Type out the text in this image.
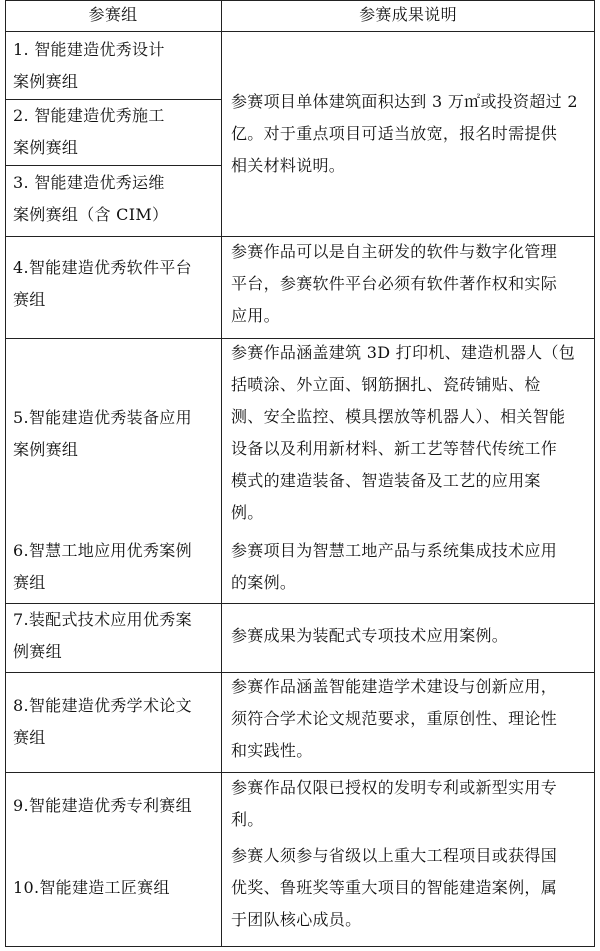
参赛组	参赛成果说明
1. 智能建造优秀设计
案例赛组
2. 智能建造优秀施工
案例赛组
3. 智能建造优秀运维
案例赛组（含 CIM）
4.智能建造优秀软件平台
赛组
5.智能建造优秀装备应用
案例赛组
6.智慧工地应用优秀案例
赛组
7.装配式技术应用优秀案
例赛组
8.智能建造优秀学术论文
赛组
9.智能建造优秀专利赛组
10.智能建造工匠赛组
参赛项目单体建筑面积达到 3 万㎡或投资超过 2
亿。对于重点项目可适当放宽，报名时需提供
相关材料说明。
参赛作品可以是自主研发的软件与数字化管理
平台，参赛软件平台必须有软件著作权和实际
应用。
参赛作品涵盖建筑 3D 打印机、建造机器人（包
括喷涂、外立面、钢筋捆扎、瓷砖铺贴、检
测、安全监控、模具摆放等机器人）、相关智能
设备以及利用新材料、新工艺等替代传统工作
模式的建造装备、智造装备及工艺的应用案
例。
参赛项目为智慧工地产品与系统集成技术应用
的案例。
参赛成果为装配式专项技术应用案例。
参赛作品涵盖智能建造学术建设与创新应用，
须符合学术论文规范要求，重原创性、理论性
和实践性。
参赛作品仅限已授权的发明专利或新型实用专
利。
参赛人须参与省级以上重大工程项目或获得国
优奖、鲁班奖等重大项目的智能建造案例，属
于团队核心成员。
